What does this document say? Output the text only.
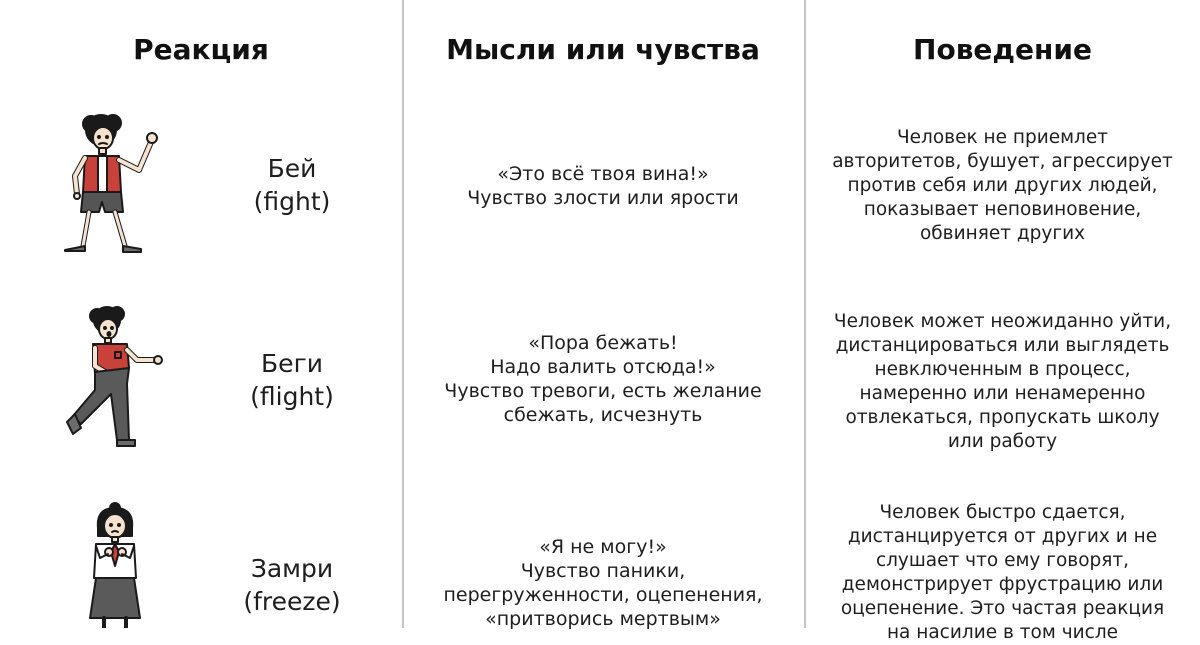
Реакция	Мысли или чувства	Поведение
Бей
(fight)
«Это всё твоя вина!»
Чувство злости или ярости
Человек не приемлет
авторитетов, бушует, агрессирует
против себя или других людей,
показывает неповиновение,
обвиняет других
Беги
(flight)
«Пора бежать!
Надо валить отсюда!»
Чувство тревоги, есть желание
сбежать, исчезнуть
Человек может неожиданно уйти,
дистанцироваться или выглядеть
невключенным в процесс,
намеренно или ненамеренно
отвлекаться, пропускать школу
или работу
Замри
(freeze)
«Я не могу!»
Чувство паники,
перегруженности, оцепенения,
«притворись мертвым»
Человек быстро сдается,
дистанцируется от других и не
слушает что ему говорят,
демонстрирует фрустрацию или
оцепенение. Это частая реакция
на насилие в том числе
